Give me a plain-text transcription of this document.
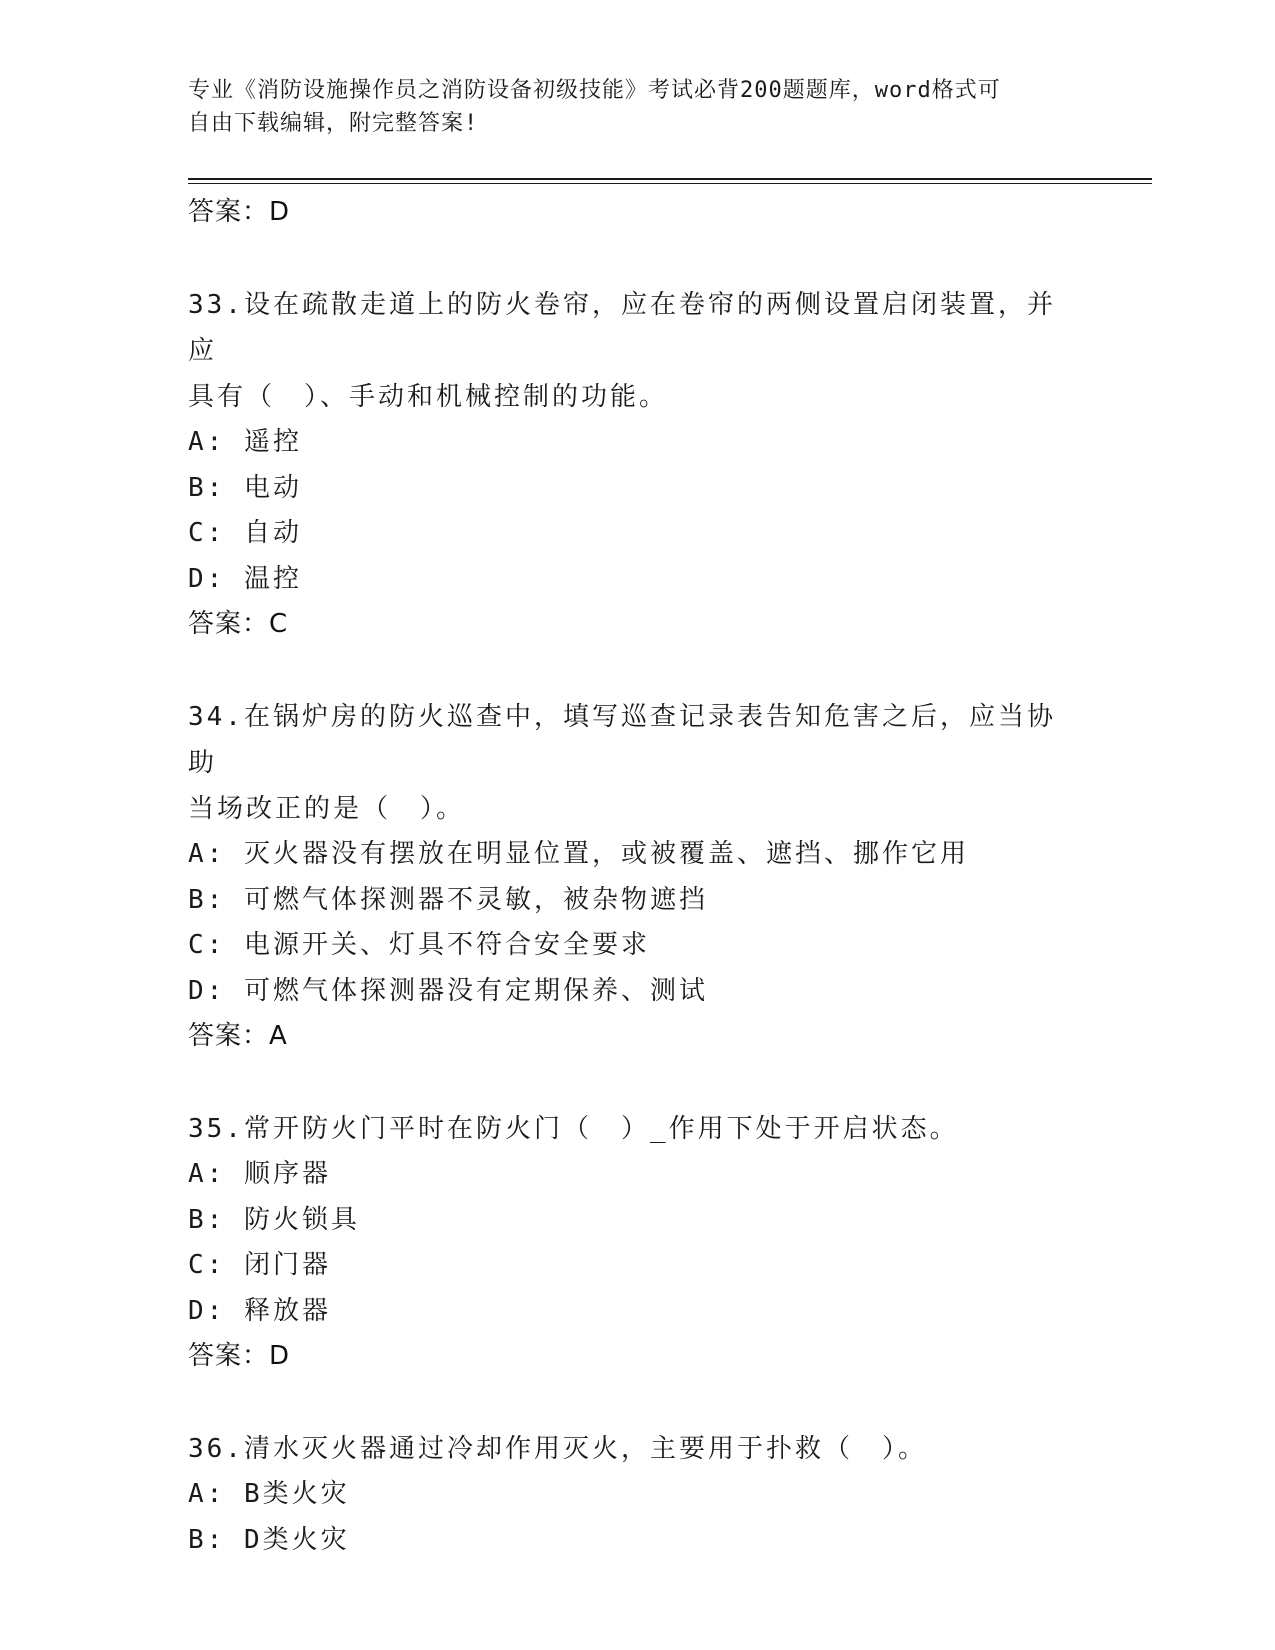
专业《消防设施操作员之消防设备初级技能》考试必背200题题库，word格式可
自由下载编辑，附完整答案!
答案：D
33.设在疏散走道上的防火卷帘，应在卷帘的两侧设置启闭装置，并应
具有（　）、手动和机械控制的功能。
A: 遥控
B: 电动
C: 自动
D: 温控
答案：C
34.在锅炉房的防火巡查中，填写巡查记录表告知危害之后，应当协助
当场改正的是（　）。
A: 灭火器没有摆放在明显位置，或被覆盖、遮挡、挪作它用
B: 可燃气体探测器不灵敏，被杂物遮挡
C: 电源开关、灯具不符合安全要求
D: 可燃气体探测器没有定期保养、测试
答案：A
35.常开防火门平时在防火门（　）_作用下处于开启状态。
A: 顺序器
B: 防火锁具
C: 闭门器
D: 释放器
答案：D
36.清水灭火器通过冷却作用灭火，主要用于扑救（　）。
A: B类火灾
B: D类火灾
